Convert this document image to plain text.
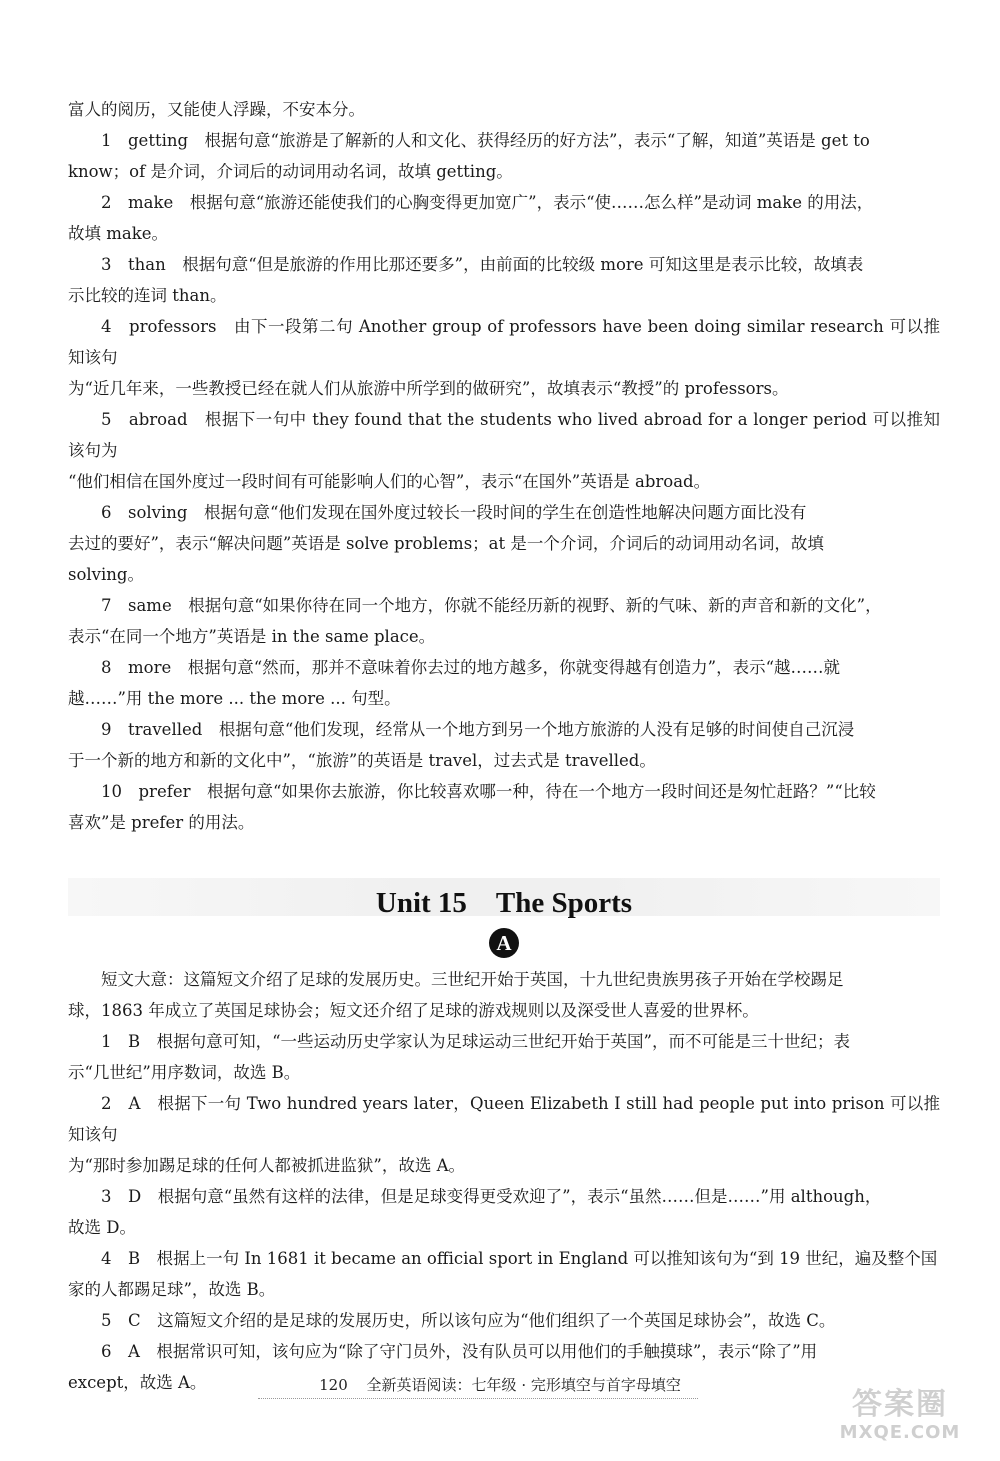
富人的阅历，又能使人浮躁，不安本分。

1　getting　根据句意“旅游是了解新的人和文化、获得经历的好方法”，表示“了解，知道”英语是 get to

know；of 是介词，介词后的动词用动名词，故填 getting。

2　make　根据句意“旅游还能使我们的心胸变得更加宽广”，表示“使……怎么样”是动词 make 的用法，

故填 make。

3　than　根据句意“但是旅游的作用比那还要多”，由前面的比较级 more 可知这里是表示比较，故填表

示比较的连词 than。

4　professors　由下一段第二句 Another group of professors have been doing similar research 可以推知该句

为“近几年来，一些教授已经在就人们从旅游中所学到的做研究”，故填表示“教授”的 professors。

5　abroad　根据下一句中 they found that the students who lived abroad for a longer period 可以推知该句为

“他们相信在国外度过一段时间有可能影响人们的心智”，表示“在国外”英语是 abroad。

6　solving　根据句意“他们发现在国外度过较长一段时间的学生在创造性地解决问题方面比没有

去过的要好”，表示“解决问题”英语是 solve problems；at 是一个介词，介词后的动词用动名词，故填

solving。

7　same　根据句意“如果你待在同一个地方，你就不能经历新的视野、新的气味、新的声音和新的文化”，

表示“在同一个地方”英语是 in the same place。

8　more　根据句意“然而，那并不意味着你去过的地方越多，你就变得越有创造力”，表示“越……就

越……”用 the more ... the more ... 句型。

9　travelled　根据句意“他们发现，经常从一个地方到另一个地方旅游的人没有足够的时间使自己沉浸

于一个新的地方和新的文化中”，“旅游”的英语是 travel，过去式是 travelled。

10　prefer　根据句意“如果你去旅游，你比较喜欢哪一种，待在一个地方一段时间还是匆忙赶路？”“比较

喜欢”是 prefer 的用法。

Unit 15　The Sports
A

短文大意：这篇短文介绍了足球的发展历史。三世纪开始于英国，十九世纪贵族男孩子开始在学校踢足

球，1863 年成立了英国足球协会；短文还介绍了足球的游戏规则以及深受世人喜爱的世界杯。

1　B　根据句意可知，“一些运动历史学家认为足球运动三世纪开始于英国”，而不可能是三十世纪；表

示“几世纪”用序数词，故选 B。

2　A　根据下一句 Two hundred years later，Queen Elizabeth I still had people put into prison 可以推知该句

为“那时参加踢足球的任何人都被抓进监狱”，故选 A。

3　D　根据句意“虽然有这样的法律，但是足球变得更受欢迎了”，表示“虽然……但是……”用 although，

故选 D。

4　B　根据上一句 In 1681 it became an official sport in England 可以推知该句为“到 19 世纪，遍及整个国

家的人都踢足球”，故选 B。

5　C　这篇短文介绍的是足球的发展历史，所以该句应为“他们组织了一个英国足球协会”，故选 C。

6　A　根据常识可知，该句应为“除了守门员外，没有队员可以用他们的手触摸球”，表示“除了”用

except，故选 A。	120 全新英语阅读：七年级 · 完形填空与首字母填空
答案圈
MXQE.COM
